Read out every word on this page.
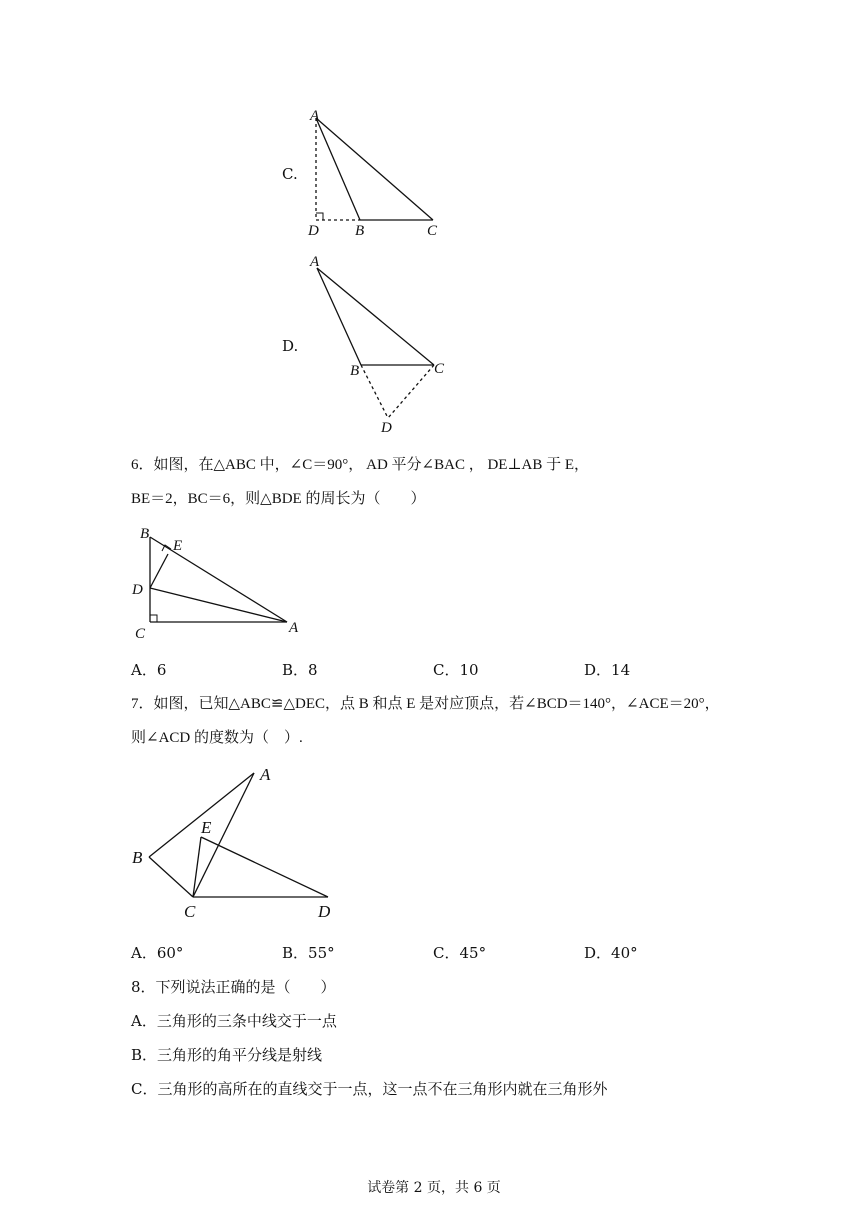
C.
A
D B	C
D.
A
B	C
D
6．如图，在△ABC 中，∠C＝90°， AD 平分∠BAC ， DE⊥AB 于 E，
BE＝2，BC＝6，则△BDE 的周长为（　　）
B
E
D
C	A
A．6	B．8	C．10	D．14
7．如图，已知△ABC≌△DEC，点 B 和点 E 是对应顶点，若∠BCD＝140°，∠ACE＝20°，
则∠ACD 的度数为（　）.
A
E
B
C	D
A．60°	B．55°	C．45°	D．40°
8．下列说法正确的是（　　）
A．三角形的三条中线交于一点
B．三角形的角平分线是射线
C．三角形的高所在的直线交于一点，这一点不在三角形内就在三角形外
试卷第 2 页，共 6 页
